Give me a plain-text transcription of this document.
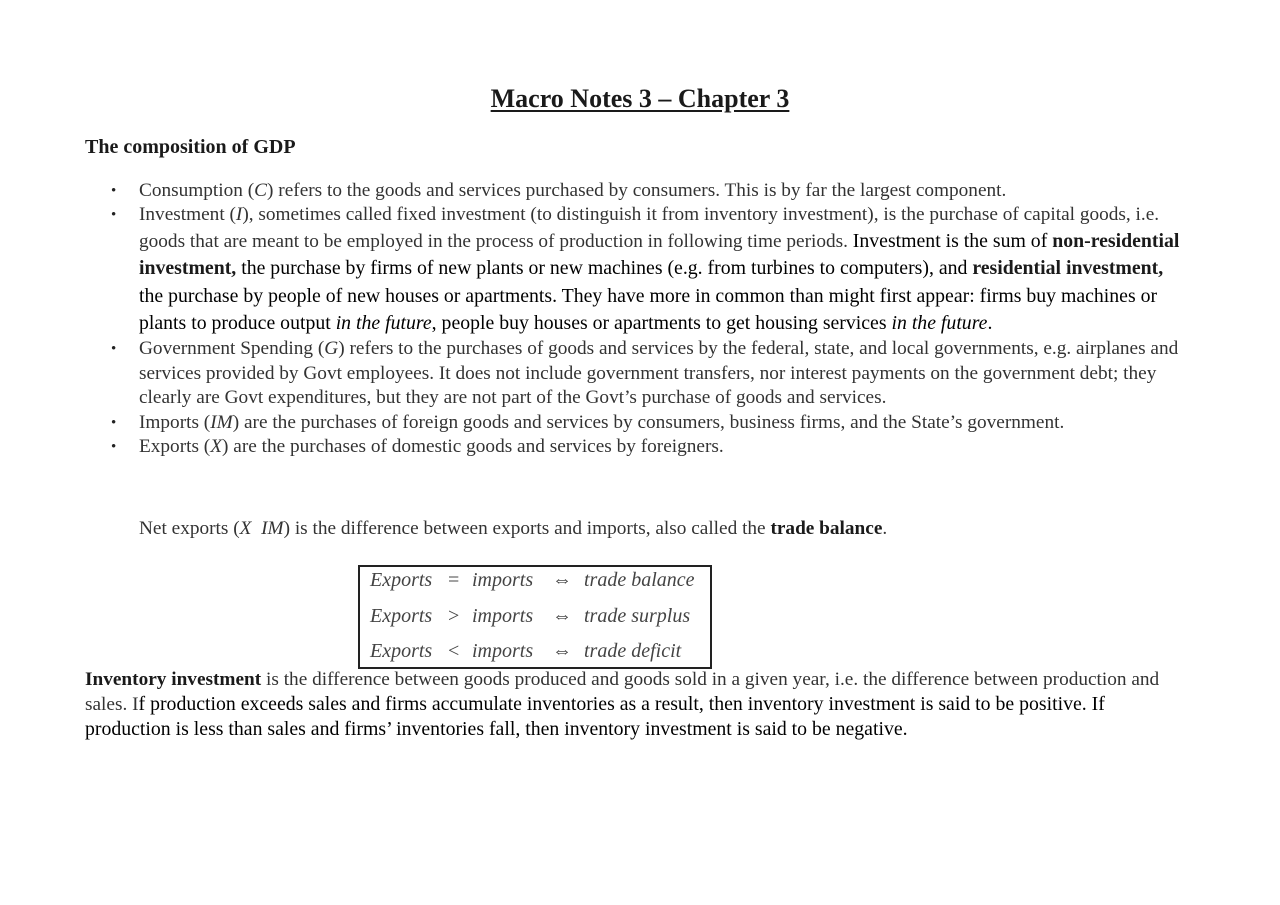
Macro Notes 3 – Chapter 3
The composition of GDP
• Consumption (C) refers to the goods and services purchased by consumers. This is by far the largest component.
• Investment (I), sometimes called fixed investment (to distinguish it from inventory investment), is the purchase of capital goods, i.e. goods that are meant to be employed in the process of production in following time periods. Investment is the sum of non-residential investment, the purchase by firms of new plants or new machines (e.g. from turbines to computers), and residential investment, the purchase by people of new houses or apartments. They have more in common than might first appear: firms buy machines or plants to produce output in the future, people buy houses or apartments to get housing services in the future.
• Government Spending (G) refers to the purchases of goods and services by the federal, state, and local governments, e.g. airplanes and services provided by Govt employees. It does not include government transfers, nor interest payments on the government debt; they clearly are Govt expenditures, but they are not part of the Govt’s purchase of goods and services.
• Imports (IM) are the purchases of foreign goods and services by consumers, business firms, and the State’s government.
• Exports (X) are the purchases of domestic goods and services by foreigners.

Net exports (X IM) is the difference between exports and imports, also called the trade balance.

Exports = imports ⇔ trade balance
Exports > imports ⇔ trade surplus
Exports < imports ⇔ trade deficit

Inventory investment is the difference between goods produced and goods sold in a given year, i.e. the difference between production and sales. If production exceeds sales and firms accumulate inventories as a result, then inventory investment is said to be positive. If production is less than sales and firms’ inventories fall, then inventory investment is said to be negative.
